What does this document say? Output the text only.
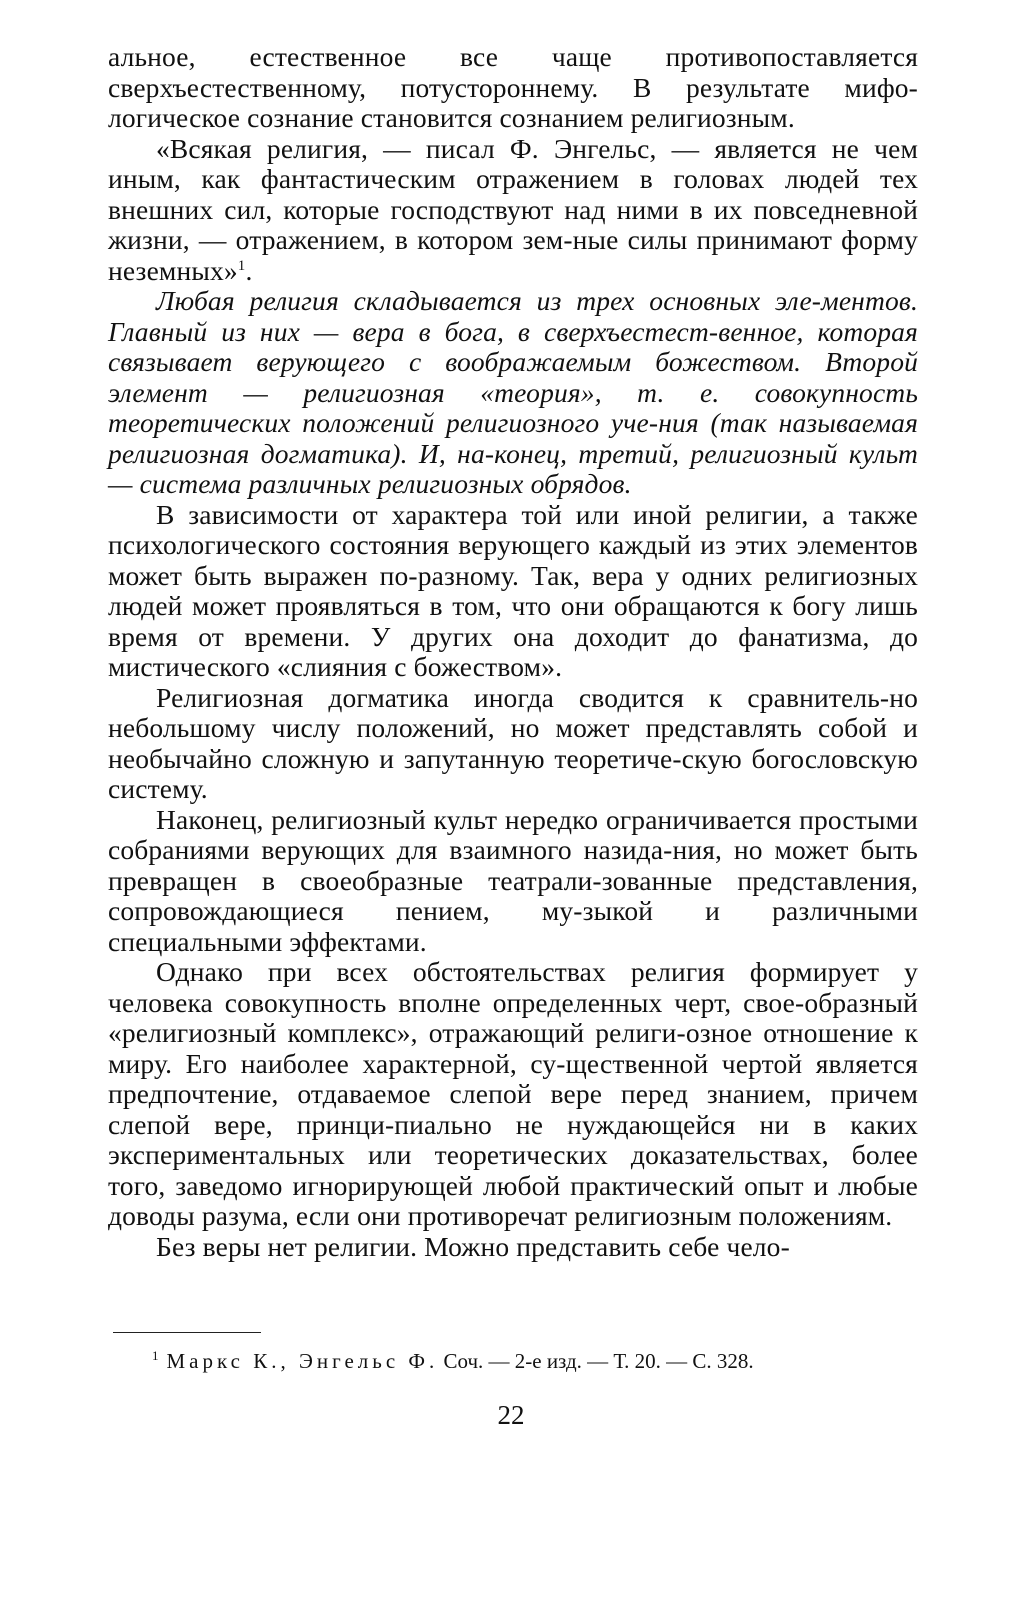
альное, естественное все чаще противопоставляется сверхъестественному, потустороннему. В результате мифо-логическое сознание становится сознанием религиозным.

«Всякая религия, — писал Ф. Энгельс, — является не чем иным, как фантастическим отражением в головах людей тех внешних сил, которые господствуют над ними в их повседневной жизни, — отражением, в котором зем-ные силы принимают форму неземных»$^1$.

Любая религия складывается из трех основных эле-ментов. Главный из них — вера в бога, в сверхъестест-венное, которая связывает верующего с воображаемым божеством. Второй элемент — религиозная «теория», т. е. совокупность теоретических положений религиозного уче-ния (так называемая религиозная догматика). И, на-конец, третий, религиозный культ — система различных религиозных обрядов.

В зависимости от характера той или иной религии, а также психологического состояния верующего каждый из этих элементов может быть выражен по-разному. Так, вера у одних религиозных людей может проявляться в том, что они обращаются к богу лишь время от времени. У других она доходит до фанатизма, до мистического «слияния с божеством».

Религиозная догматика иногда сводится к сравнитель-но небольшому числу положений, но может представлять собой и необычайно сложную и запутанную теоретиче-скую богословскую систему.

Наконец, религиозный культ нередко ограничивается простыми собраниями верующих для взаимного назида-ния, но может быть превращен в своеобразные театрали-зованные представления, сопровождающиеся пением, му-зыкой и различными специальными эффектами.

Однако при всех обстоятельствах религия формирует у человека совокупность вполне определенных черт, свое-образный «религиозный комплекс», отражающий религи-озное отношение к миру. Его наиболее характерной, су-щественной чертой является предпочтение, отдаваемое слепой вере перед знанием, причем слепой вере, принци-пиально не нуждающейся ни в каких экспериментальных или теоретических доказательствах, более того, заведомо игнорирующей любой практический опыт и любые доводы разума, если они противоречат религиозным положениям.

Без веры нет религии. Можно представить себе чело-

$^1$ Маркс К., Энгельс Ф. Соч. — 2-е изд. — Т. 20. — С. 328.
22
